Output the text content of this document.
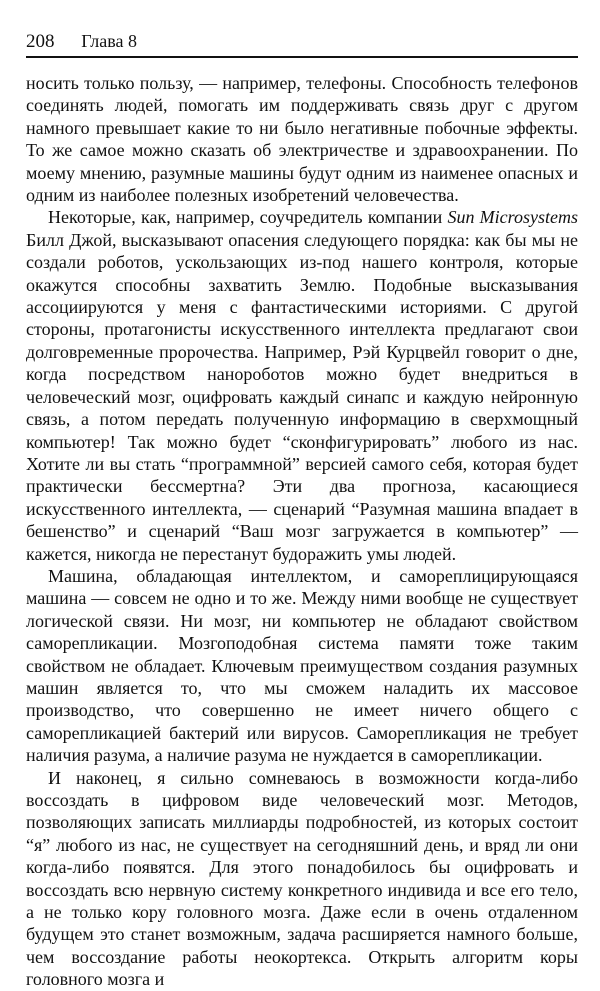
208 Глава 8

носить только пользу, — например, телефоны. Способность телефонов соединять людей, помогать им поддерживать связь друг с другом намного превышает какие то ни было негативные побочные эффекты. То же самое можно сказать об электричестве и здравоохранении. По моему мнению, разумные машины будут одним из наименее опасных и одним из наиболее полезных изобретений человечества.

Некоторые, как, например, соучредитель компании Sun Microsystems Билл Джой, высказывают опасения следующего порядка: как бы мы не создали роботов, ускользающих из-под нашего контроля, которые окажутся способны захватить Землю. Подобные высказывания ассоциируются у меня с фантастическими историями. С другой стороны, протагонисты искусственного интеллекта предлагают свои долговременные пророчества. Например, Рэй Курцвейл говорит о дне, когда посредством нанороботов можно будет внедриться в человеческий мозг, оцифровать каждый синапс и каждую нейронную связь, а потом передать полученную информацию в сверхмощный компьютер! Так можно будет “сконфигурировать” любого из нас. Хотите ли вы стать “программной” версией самого себя, которая будет практически бессмертна? Эти два прогноза, касающиеся искусственного интеллекта, — сценарий “Разумная машина впадает в бешенство” и сценарий “Ваш мозг загружается в компьютер” — кажется, никогда не перестанут будоражить умы людей.

Машина, обладающая интеллектом, и самореплицирующаяся машина — совсем не одно и то же. Между ними вообще не существует логической связи. Ни мозг, ни компьютер не обладают свойством саморепликации. Мозгоподобная система памяти тоже таким свойством не обладает. Ключевым преимуществом создания разумных машин является то, что мы сможем наладить их массовое производство, что совершенно не имеет ничего общего с саморепликацией бактерий или вирусов. Саморепликация не требует наличия разума, а наличие разума не нуждается в саморепликации.

И наконец, я сильно сомневаюсь в возможности когда-либо воссоздать в цифровом виде человеческий мозг. Методов, позволяющих записать миллиарды подробностей, из которых состоит “я” любого из нас, не существует на сегодняшний день, и вряд ли они когда-либо появятся. Для этого понадобилось бы оцифровать и воссоздать всю нервную систему конкретного индивида и все его тело, а не только кору головного мозга. Даже если в очень отдаленном будущем это станет возможным, задача расширяется намного больше, чем воссоздание работы неокортекса. Открыть алгоритм коры головного мозга и
